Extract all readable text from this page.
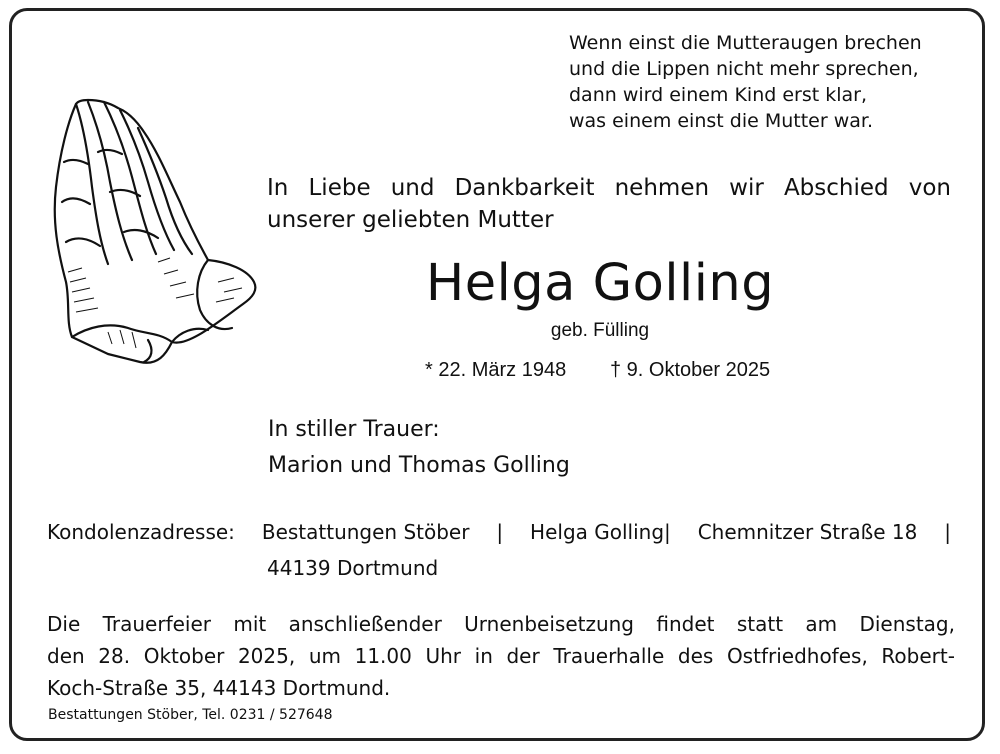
Wenn einst die Mutteraugen brechen
und die Lippen nicht mehr sprechen,
dann wird einem Kind erst klar,
was einem einst die Mutter war.
In Liebe und Dankbarkeit nehmen wir Abschied von
unserer geliebten Mutter
Helga Golling
geb. Fülling
* 22. März 1948 † 9. Oktober 2025
In stiller Trauer:
Marion und Thomas Golling
Kondolenzadresse: Bestattungen Stöber | Helga Golling| Chemnitzer Straße 18 |
44139 Dortmund
Die Trauerfeier mit anschließender Urnenbeisetzung findet statt am Dienstag,
den 28. Oktober 2025, um 11.00 Uhr in der Trauerhalle des Ostfriedhofes, Robert-
Koch-Straße 35, 44143 Dortmund.
Bestattungen Stöber, Tel. 0231 / 527648
